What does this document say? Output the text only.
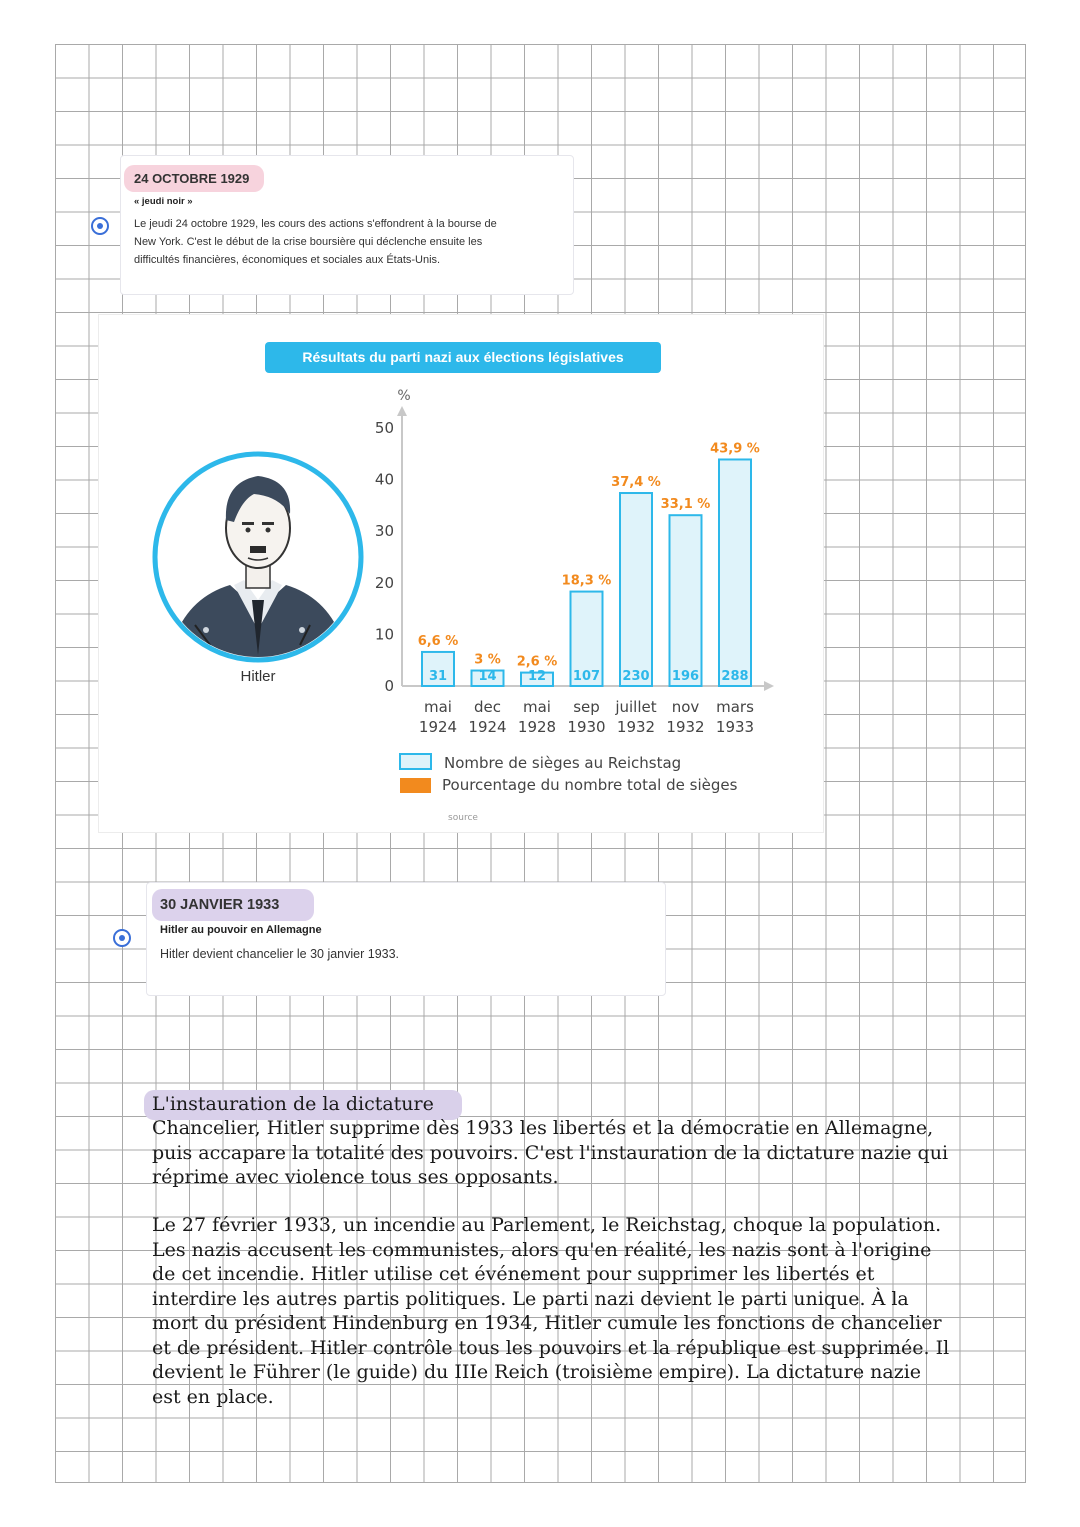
24 OCTOBRE 1929
« jeudi noir »
Le jeudi 24 octobre 1929, les cours des actions s'effondrent à la bourse de
New York. C'est le début de la crise boursière qui déclenche ensuite les
difficultés financières, économiques et sociales aux États-Unis.
Résultats du parti nazi aux élections législatives
Hitler
%
0
10
20
30
40
50
31
6,6 %
mai
1924
14
3 %
dec
1924
12
2,6 %
mai
1928
107
18,3 %
sep
1930
230
37,4 %
juillet
1932
196
33,1 %
nov
1932
288
43,9 %
mars
1933
Nombre de sièges au Reichstag
Pourcentage du nombre total de sièges
source
30 JANVIER 1933
Hitler au pouvoir en Allemagne
Hitler devient chancelier le 30 janvier 1933.
L'instauration de la dictature
Chancelier, Hitler supprime dès 1933 les libertés et la démocratie en Allemagne,
puis accapare la totalité des pouvoirs. C'est l'instauration de la dictature nazie qui
réprime avec violence tous ses opposants.
Le 27 février 1933, un incendie au Parlement, le Reichstag, choque la population.
Les nazis accusent les communistes, alors qu'en réalité, les nazis sont à l'origine
de cet incendie. Hitler utilise cet événement pour supprimer les libertés et
interdire les autres partis politiques. Le parti nazi devient le parti unique. À la
mort du président Hindenburg en 1934, Hitler cumule les fonctions de chancelier
et de président. Hitler contrôle tous les pouvoirs et la république est supprimée. Il
devient le Führer (le guide) du IIIe Reich (troisième empire). La dictature nazie
est en place.
